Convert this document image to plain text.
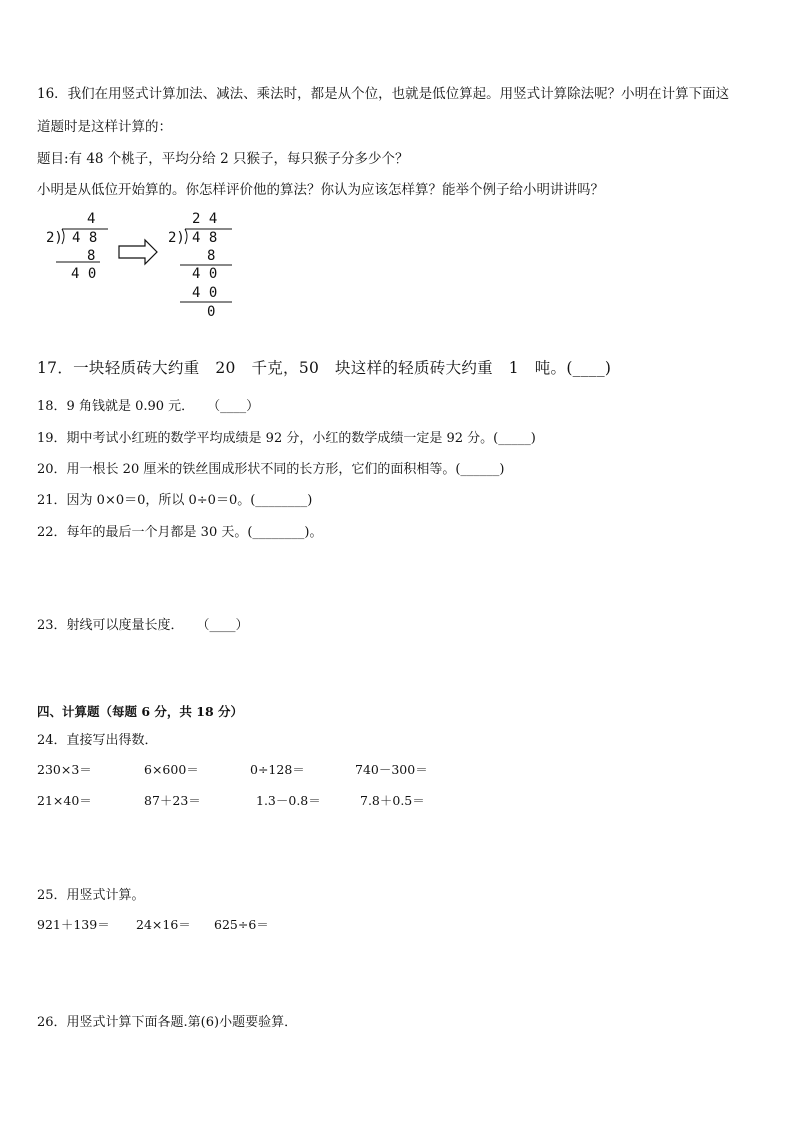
16．我们在用竖式计算加法、减法、乘法时，都是从个位，也就是低位算起。用竖式计算除法呢？小明在计算下面这
道题时是这样计算的：
题目:有 48 个桃子，平均分给 2 只猴子，每只猴子分多少个？
小明是从低位开始算的。你怎样评价他的算法？你认为应该怎样算？能举个例子给小明讲讲吗？
4
2) 4 8
8
4 0
2 4
2) 4 8
8
4 0
4 0
0
17．一块轻质砖大约重　20　千克，50　块这样的轻质砖大约重　1　吨。(____)
18．9 角钱就是 0.90 元．　　（____）
19．期中考试小红班的数学平均成绩是 92 分，小红的数学成绩一定是 92 分。(_____)
20．用一根长 20 厘米的铁丝围成形状不同的长方形，它们的面积相等。(______)
21．因为 0×0＝0，所以 0÷0＝0。(________)
22．每年的最后一个月都是 30 天。(________)。
23．射线可以度量长度．　　（____）
四、计算题（每题 6 分，共 18 分）
24．直接写出得数．
230×3＝	6×600＝	0÷128＝	740－300＝
21×40＝	87＋23＝	1.3－0.8＝	7.8＋0.5＝
25．用竖式计算。
921＋139＝ 24×16＝ 625÷6＝
26．用竖式计算下面各题.第(6)小题要验算．
